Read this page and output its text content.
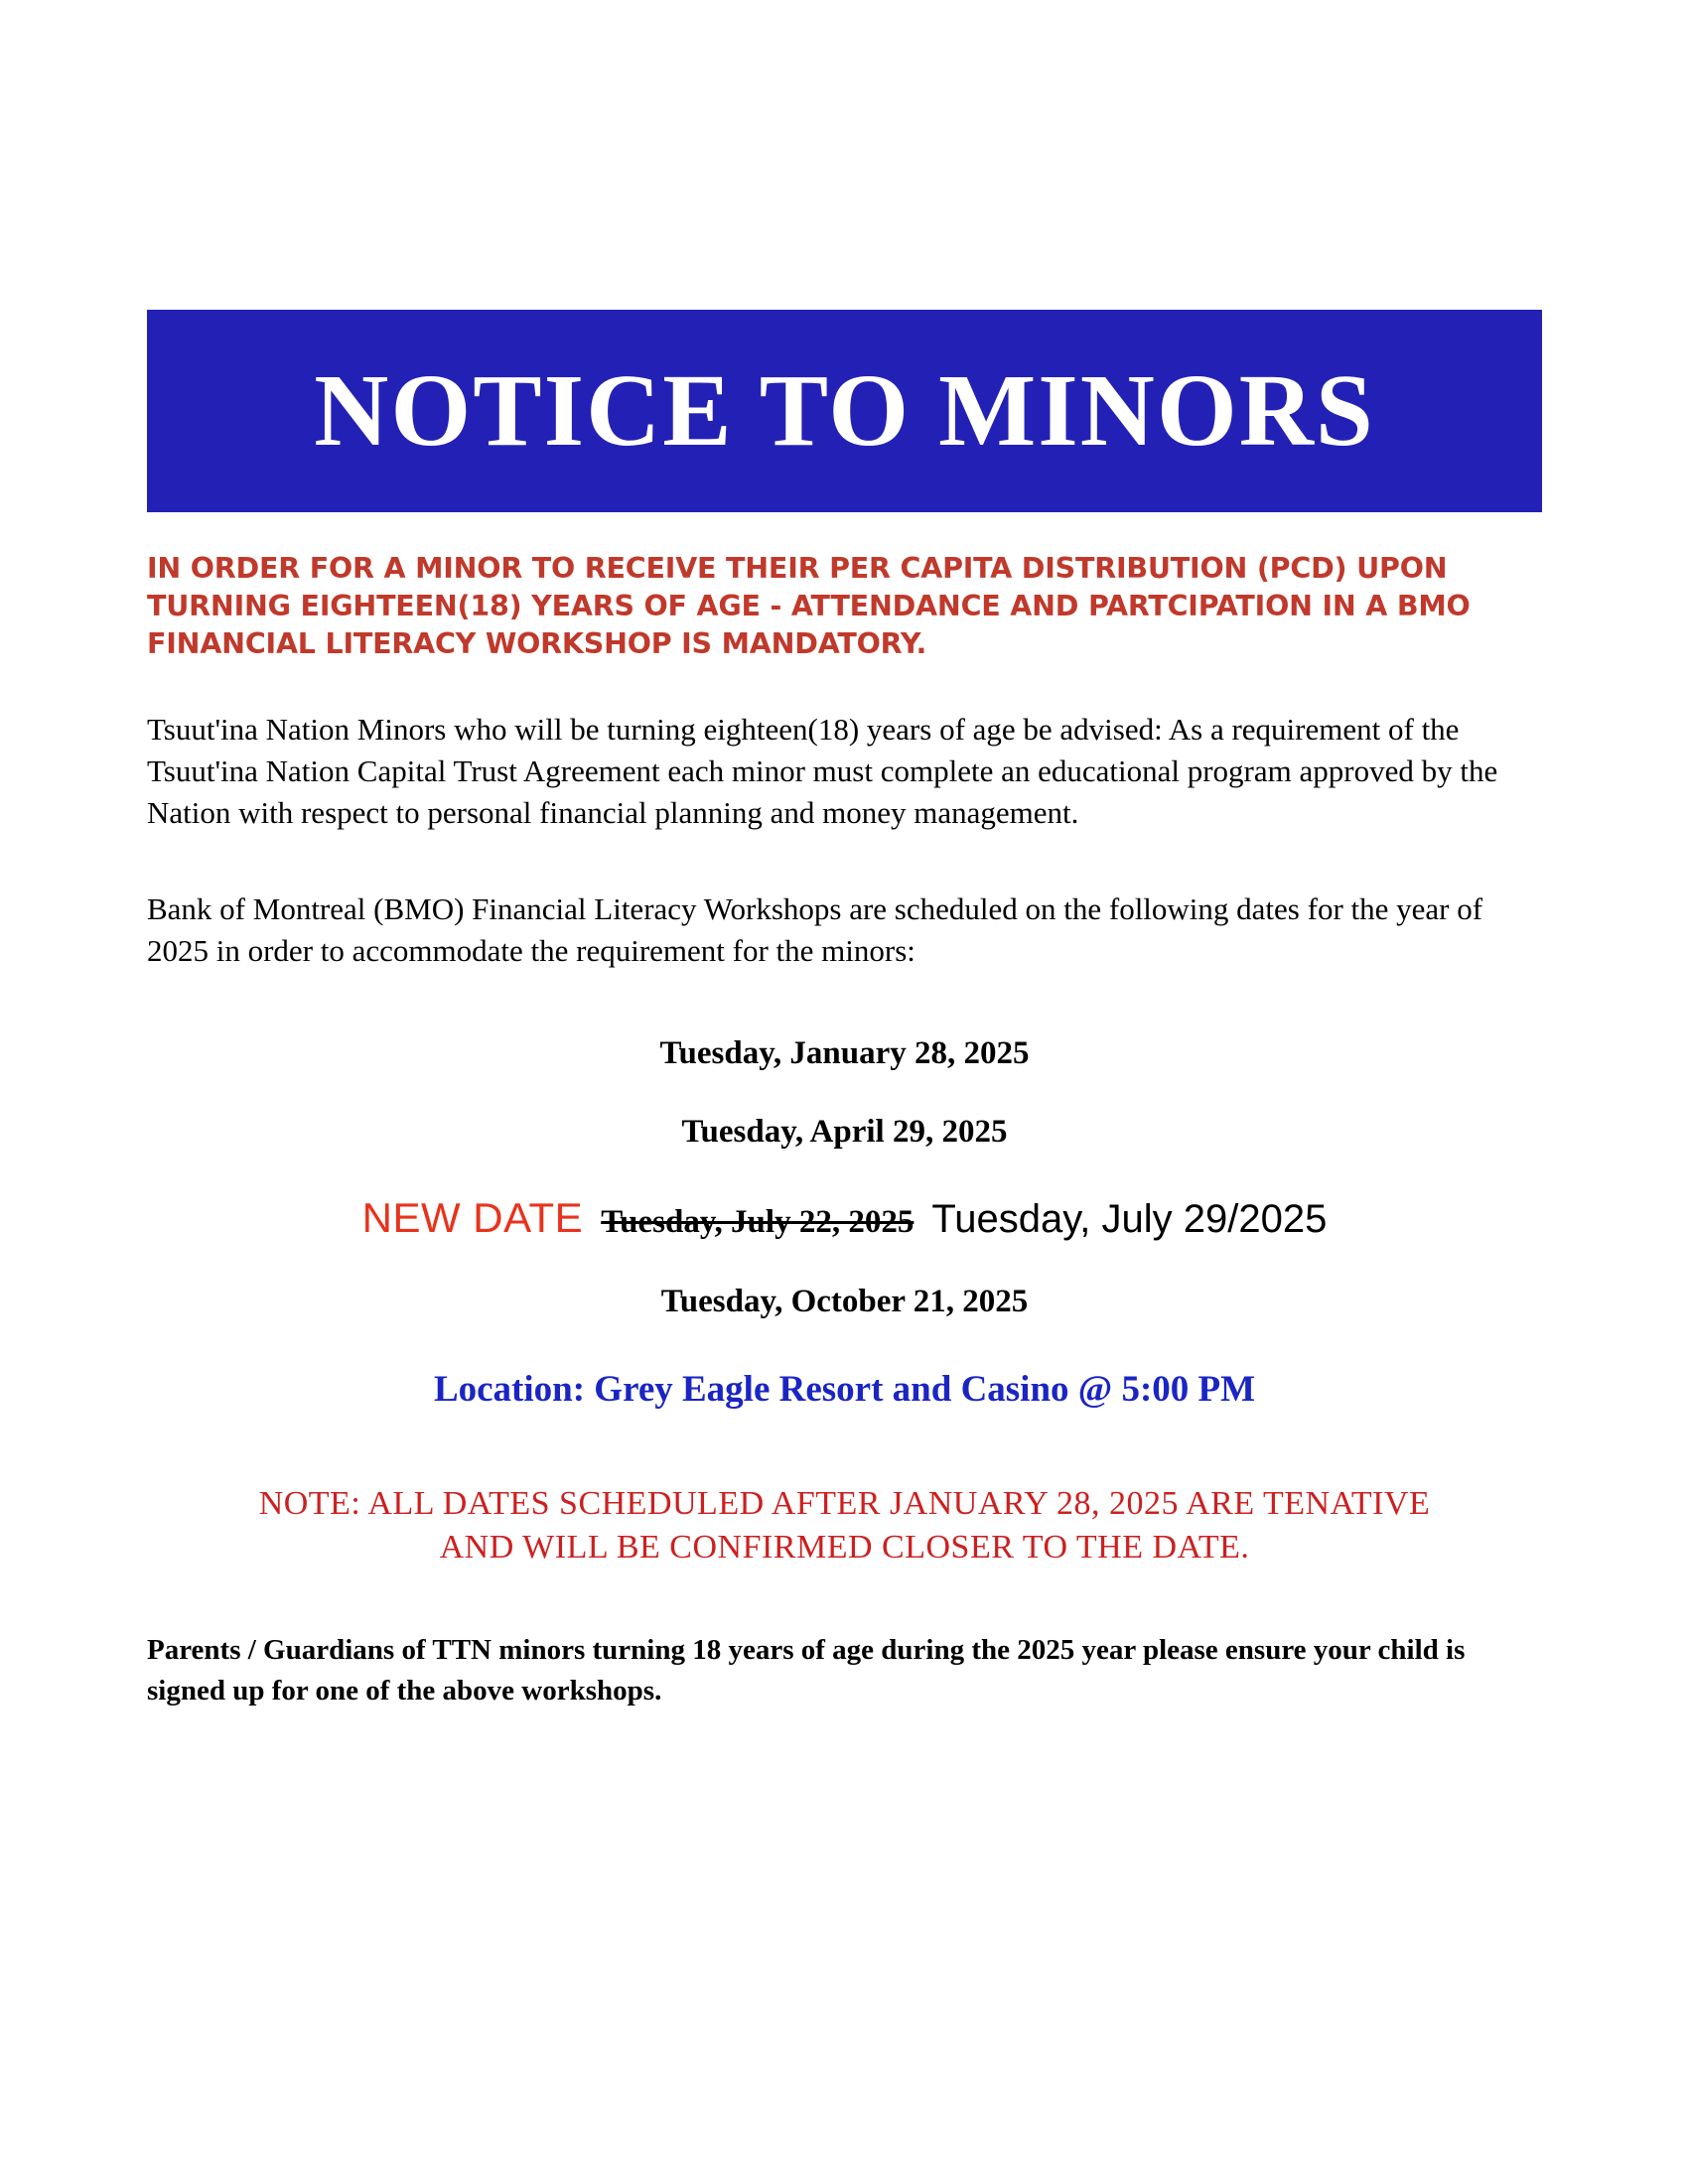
NOTICE TO MINORS
IN ORDER FOR A MINOR TO RECEIVE THEIR PER CAPITA DISTRIBUTION (PCD) UPON TURNING EIGHTEEN(18) YEARS OF AGE - ATTENDANCE AND PARTCIPATION IN A BMO FINANCIAL LITERACY WORKSHOP IS MANDATORY.
Tsuut'ina Nation Minors who will be turning eighteen(18) years of age be advised: As a requirement of the Tsuut'ina Nation Capital Trust Agreement each minor must complete an educational program approved by the Nation with respect to personal financial planning and money management.
Bank of Montreal (BMO) Financial Literacy Workshops are scheduled on the following dates for the year of 2025 in order to accommodate the requirement for the minors:
Tuesday, January 28, 2025
Tuesday, April 29, 2025
NEW DATE Tuesday, July 22, 2025 Tuesday, July 29/2025
Tuesday, October 21, 2025
Location: Grey Eagle Resort and Casino @ 5:00 PM
NOTE: ALL DATES SCHEDULED AFTER JANUARY 28, 2025 ARE TENATIVE
AND WILL BE CONFIRMED CLOSER TO THE DATE.
Parents / Guardians of TTN minors turning 18 years of age during the 2025 year please ensure your child is signed up for one of the above workshops.
